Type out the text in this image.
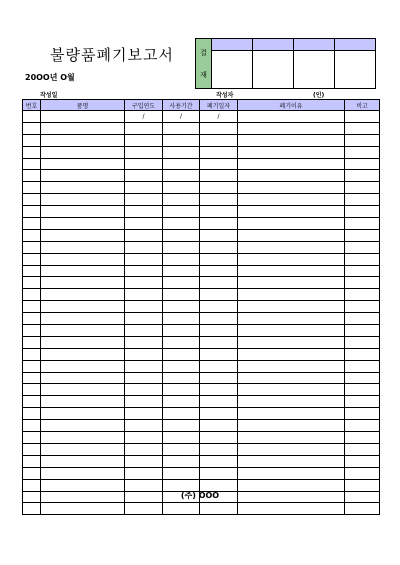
불량품폐기보고서
20OO년 O월
작성일	작성자	(인)
결
재				

번호	품명	구입연도	사용기간	폐기일자	폐기이유	비고
		/	/	/		

(주) OOO
